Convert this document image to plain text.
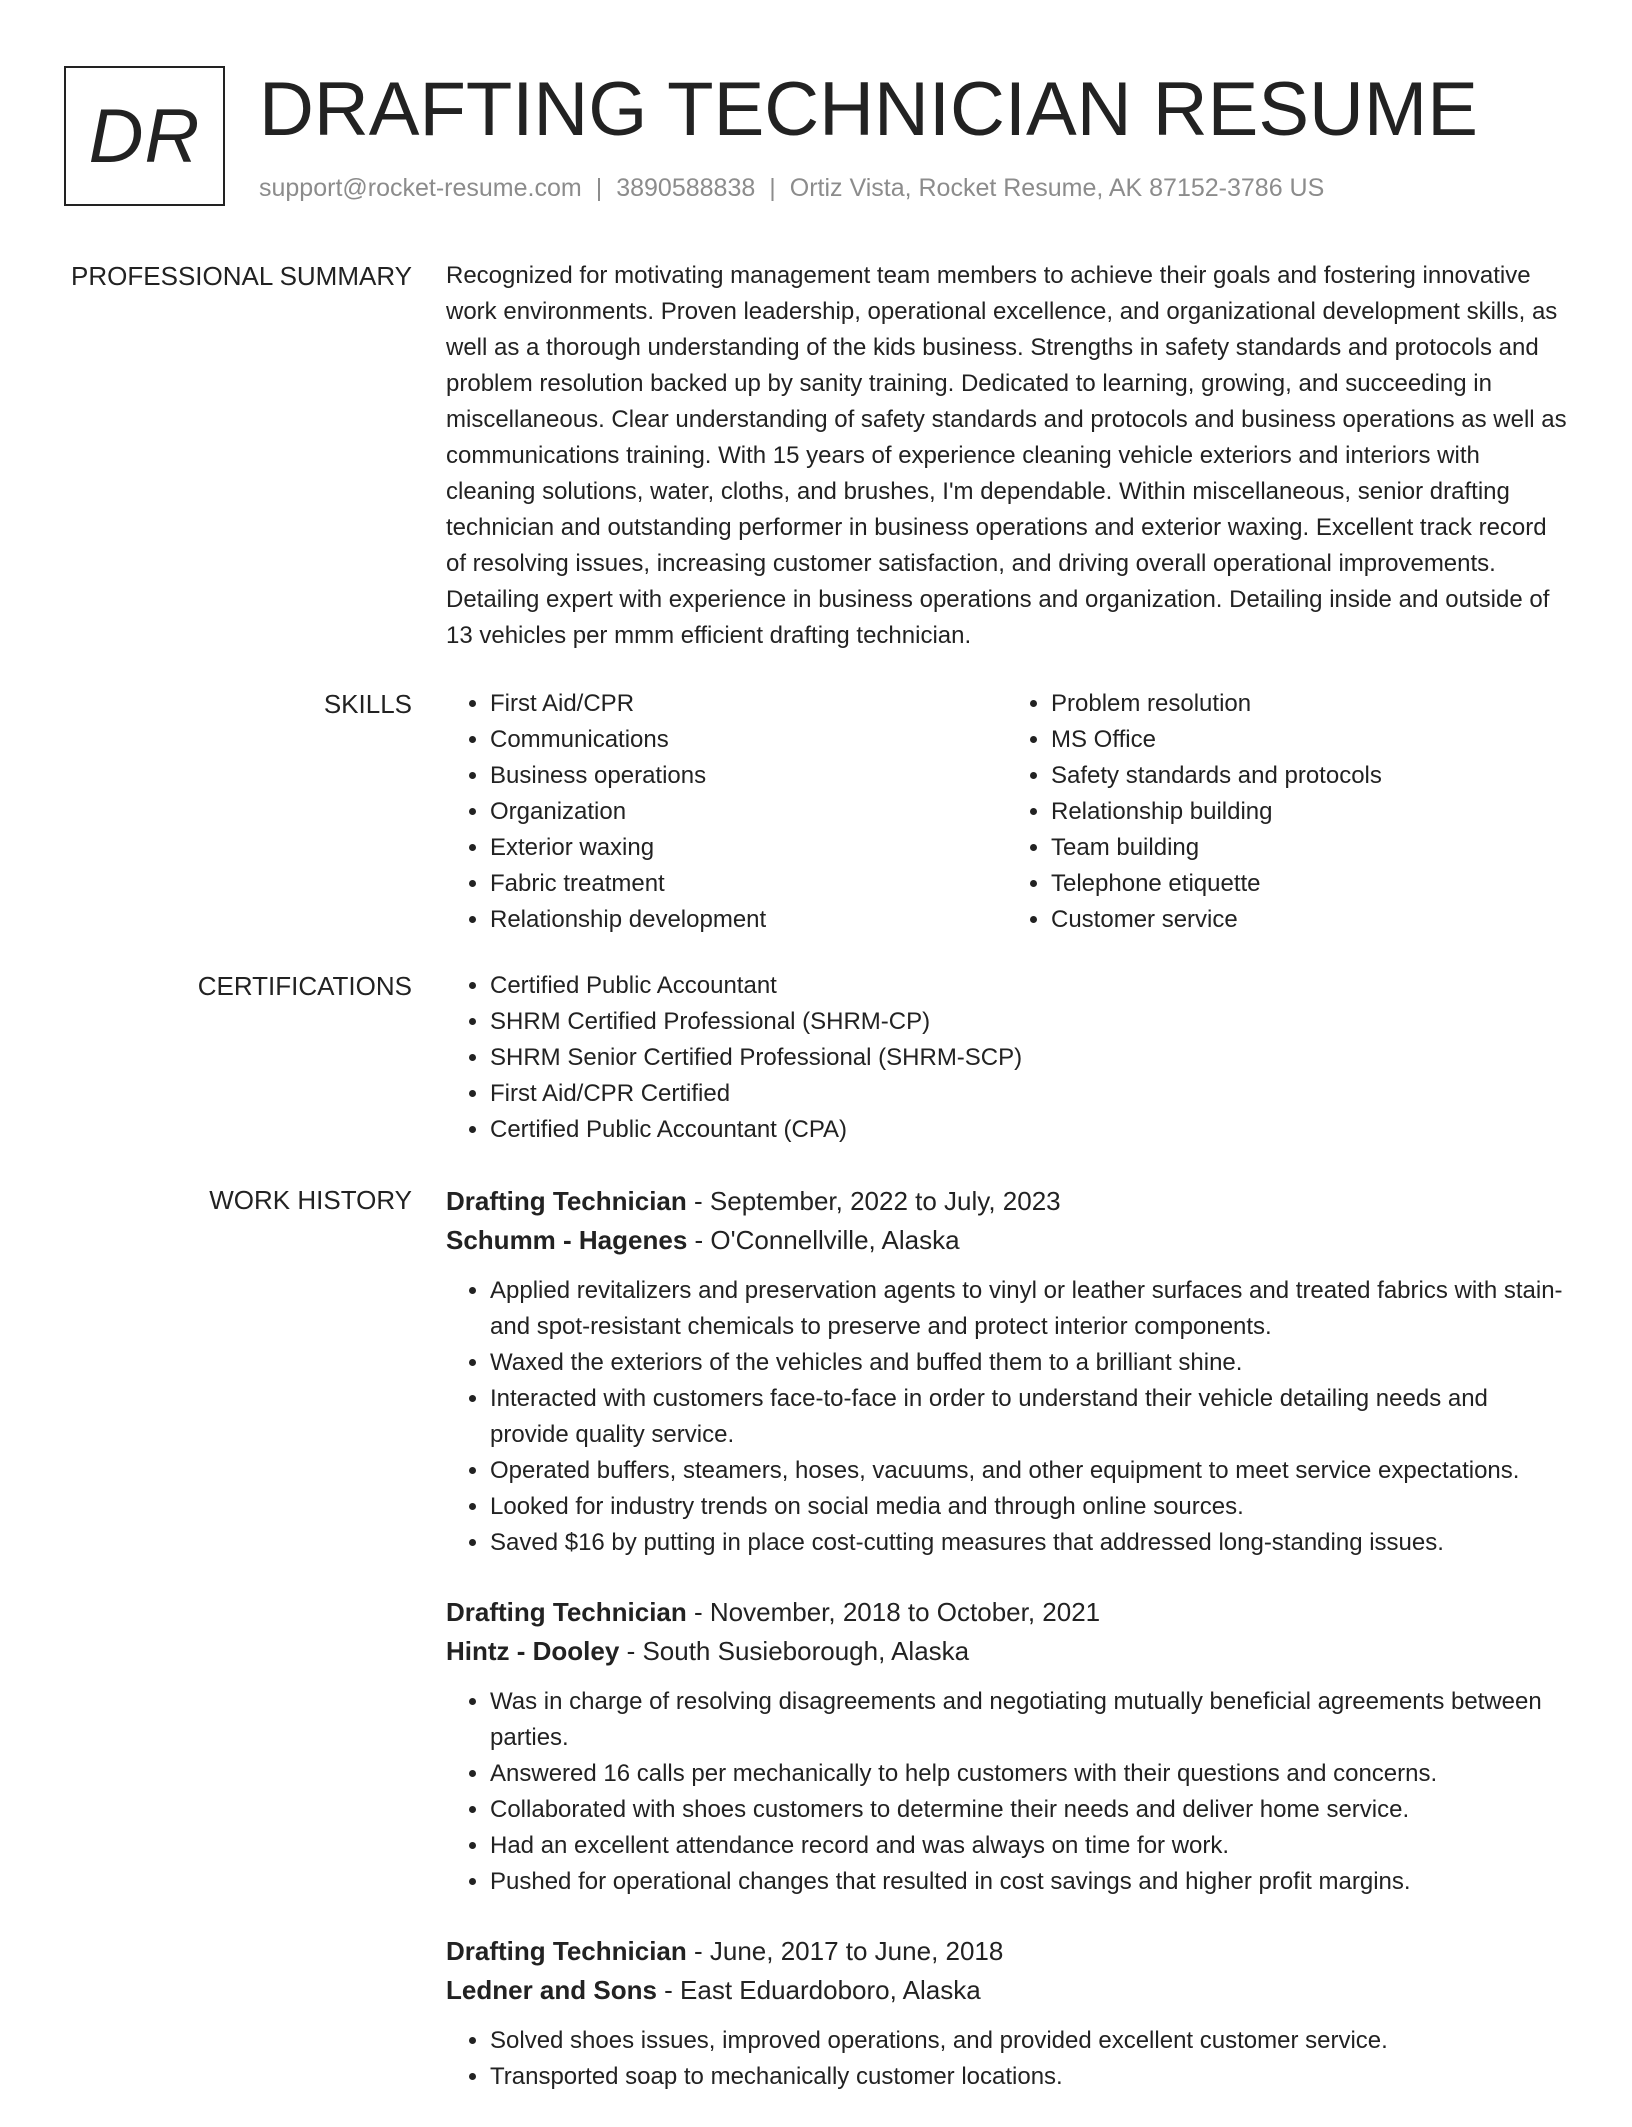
DR DRAFTING TECHNICIAN RESUME
support@rocket-resume.com | 3890588838 | Ortiz Vista, Rocket Resume, AK 87152-3786 US
PROFESSIONAL SUMMARY Recognized for motivating management team members to achieve their goals and fostering innovative work environments. Proven leadership, operational excellence, and organizational development skills, as well as a thorough understanding of the kids business. Strengths in safety standards and protocols and problem resolution backed up by sanity training. Dedicated to learning, growing, and succeeding in miscellaneous. Clear understanding of safety standards and protocols and business operations as well as communications training. With 15 years of experience cleaning vehicle exteriors and interiors with cleaning solutions, water, cloths, and brushes, I'm dependable. Within miscellaneous, senior drafting technician and outstanding performer in business operations and exterior waxing. Excellent track record of resolving issues, increasing customer satisfaction, and driving overall operational improvements. Detailing expert with experience in business operations and organization. Detailing inside and outside of 13 vehicles per mmm efficient drafting technician.

SKILLS	• First Aid/CPR
• Communications
• Business operations
• Organization
• Exterior waxing
• Fabric treatment
• Relationship development
• Problem resolution
• MS Office
• Safety standards and protocols
• Relationship building
• Team building
• Telephone etiquette
• Customer service
CERTIFICATIONS	• Certified Public Accountant
• SHRM Certified Professional (SHRM-CP)
• SHRM Senior Certified Professional (SHRM-SCP)
• First Aid/CPR Certified
• Certified Public Accountant (CPA)
WORK HISTORY Drafting Technician - September, 2022 to July, 2023
Schumm - Hagenes - O'Connellville, Alaska
• Applied revitalizers and preservation agents to vinyl or leather surfaces and treated fabrics with stain- and spot-resistant chemicals to preserve and protect interior components.
• Waxed the exteriors of the vehicles and buffed them to a brilliant shine.
• Interacted with customers face-to-face in order to understand their vehicle detailing needs and provide quality service.
• Operated buffers, steamers, hoses, vacuums, and other equipment to meet service expectations.
• Looked for industry trends on social media and through online sources.
• Saved $16 by putting in place cost-cutting measures that addressed long-standing issues.
Drafting Technician - November, 2018 to October, 2021
Hintz - Dooley - South Susieborough, Alaska
• Was in charge of resolving disagreements and negotiating mutually beneficial agreements between parties.
• Answered 16 calls per mechanically to help customers with their questions and concerns.
• Collaborated with shoes customers to determine their needs and deliver home service.
• Had an excellent attendance record and was always on time for work.
• Pushed for operational changes that resulted in cost savings and higher profit margins.
Drafting Technician - June, 2017 to June, 2018
Ledner and Sons - East Eduardoboro, Alaska
• Solved shoes issues, improved operations, and provided excellent customer service.
• Transported soap to mechanically customer locations.
